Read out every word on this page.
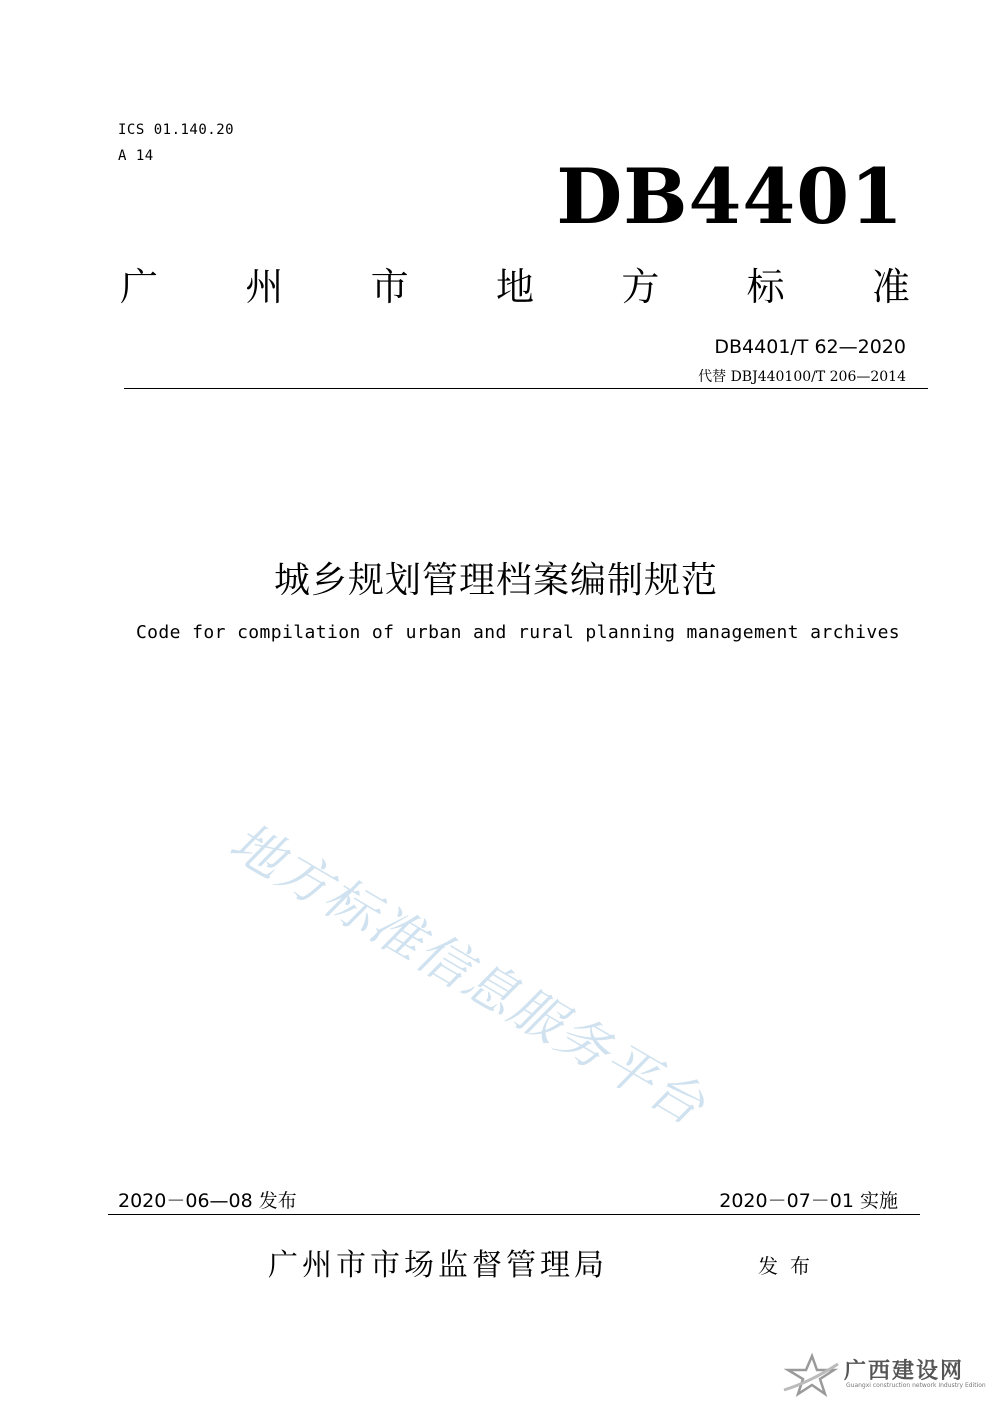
ICS 01.140.20
A 14	DB4401
广 州 市 地 方 标 准
DB4401/T 62—2020
代替 DBJ440100/T 206—2014
城乡规划管理档案编制规范
Code for compilation of urban and rural planning management archives
地方标准信息服务平台
2020－06—08 发布	2020－07－01 实施
广州市市场监督管理局	发布
广西建设网
Guangxi construction network Industry Edition
